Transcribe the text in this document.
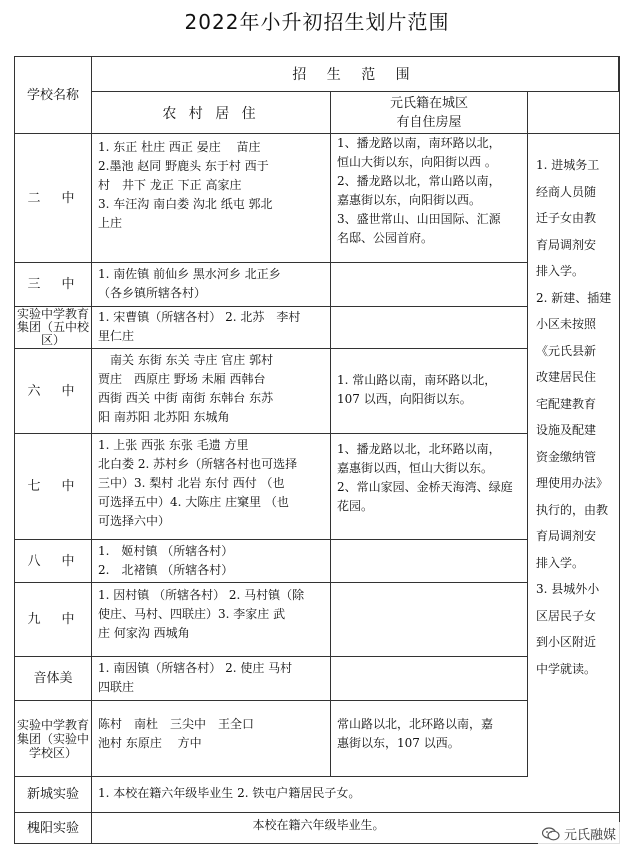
2022年小升初招生划片范围
学校名称
招 生 范 围
农 村 居 住
元氏籍在城区
有自住房屋
二　中
1. 东正 杜庄 西正 晏庄　 苗庄
2.墨池 赵同 野鹿头 东于村 西于
村　井下 龙正 下正 高家庄
3. 车汪沟 南白娄 沟北 纸屯 郭北
上庄
1、播龙路以南，南环路以北，
恒山大街以东，向阳街以西 。
2、播龙路以北，常山路以南，
嘉惠街以东，向阳街以西。
3、盛世常山、山田国际、汇源
名邸、公园首府。
三　中
1. 南佐镇 前仙乡 黑水河乡 北正乡
（各乡镇所辖各村）
实验中学教育集团（五中校区）
1. 宋曹镇（所辖各村） 2. 北苏　李村
里仁庄
六　中
　南关 东街 东关 寺庄 官庄 郭村
贾庄　西原庄 野场 未厢 西韩台
西街 西关 中街 南街 东韩台 东苏
阳 南苏阳 北苏阳 东城角
1. 常山路以南，南环路以北，
107 以西，向阳街以东。
七　中
1. 上张 西张 东张 毛遗 方里
北白娄 2. 苏村乡（所辖各村也可选择
三中）3. 梨村 北岩 东付 西付 （也
可选择五中）4. 大陈庄 庄窠里 （也
可选择六中）
1、播龙路以北，北环路以南，
嘉惠街以西，恒山大街以东。
2、常山家园、金桥天海湾、绿庭
花园。
八　中
1.　姬村镇 （所辖各村）
2.　北褚镇 （所辖各村）
九　中
1. 因村镇 （所辖各村） 2. 马村镇（除
使庄、马村、四联庄）3. 李家庄 武
庄 何家沟 西城角
音体美
1. 南因镇（所辖各村） 2. 使庄 马村
四联庄
实验中学教育集团（实验中学校区）
陈村　南杜　三尖中　王全口
池村 东原庄　 方中
常山路以北，北环路以南，嘉
惠街以东，107 以西。
1. 进城务工
经商人员随
迁子女由教
育局调剂安
排入学。
2. 新建、插建
小区未按照
《元氏县新
改建居民住
宅配建教育
设施及配建
资金缴纳管
理使用办法》
执行的，由教
育局调剂安
排入学。
3. 县城外小
区居民子女
到小区附近
中学就读。
新城实验	1. 本校在籍六年级毕业生 2. 铁屯户籍居民子女。
槐阳实验	本校在籍六年级毕业生。
元氏融媒
